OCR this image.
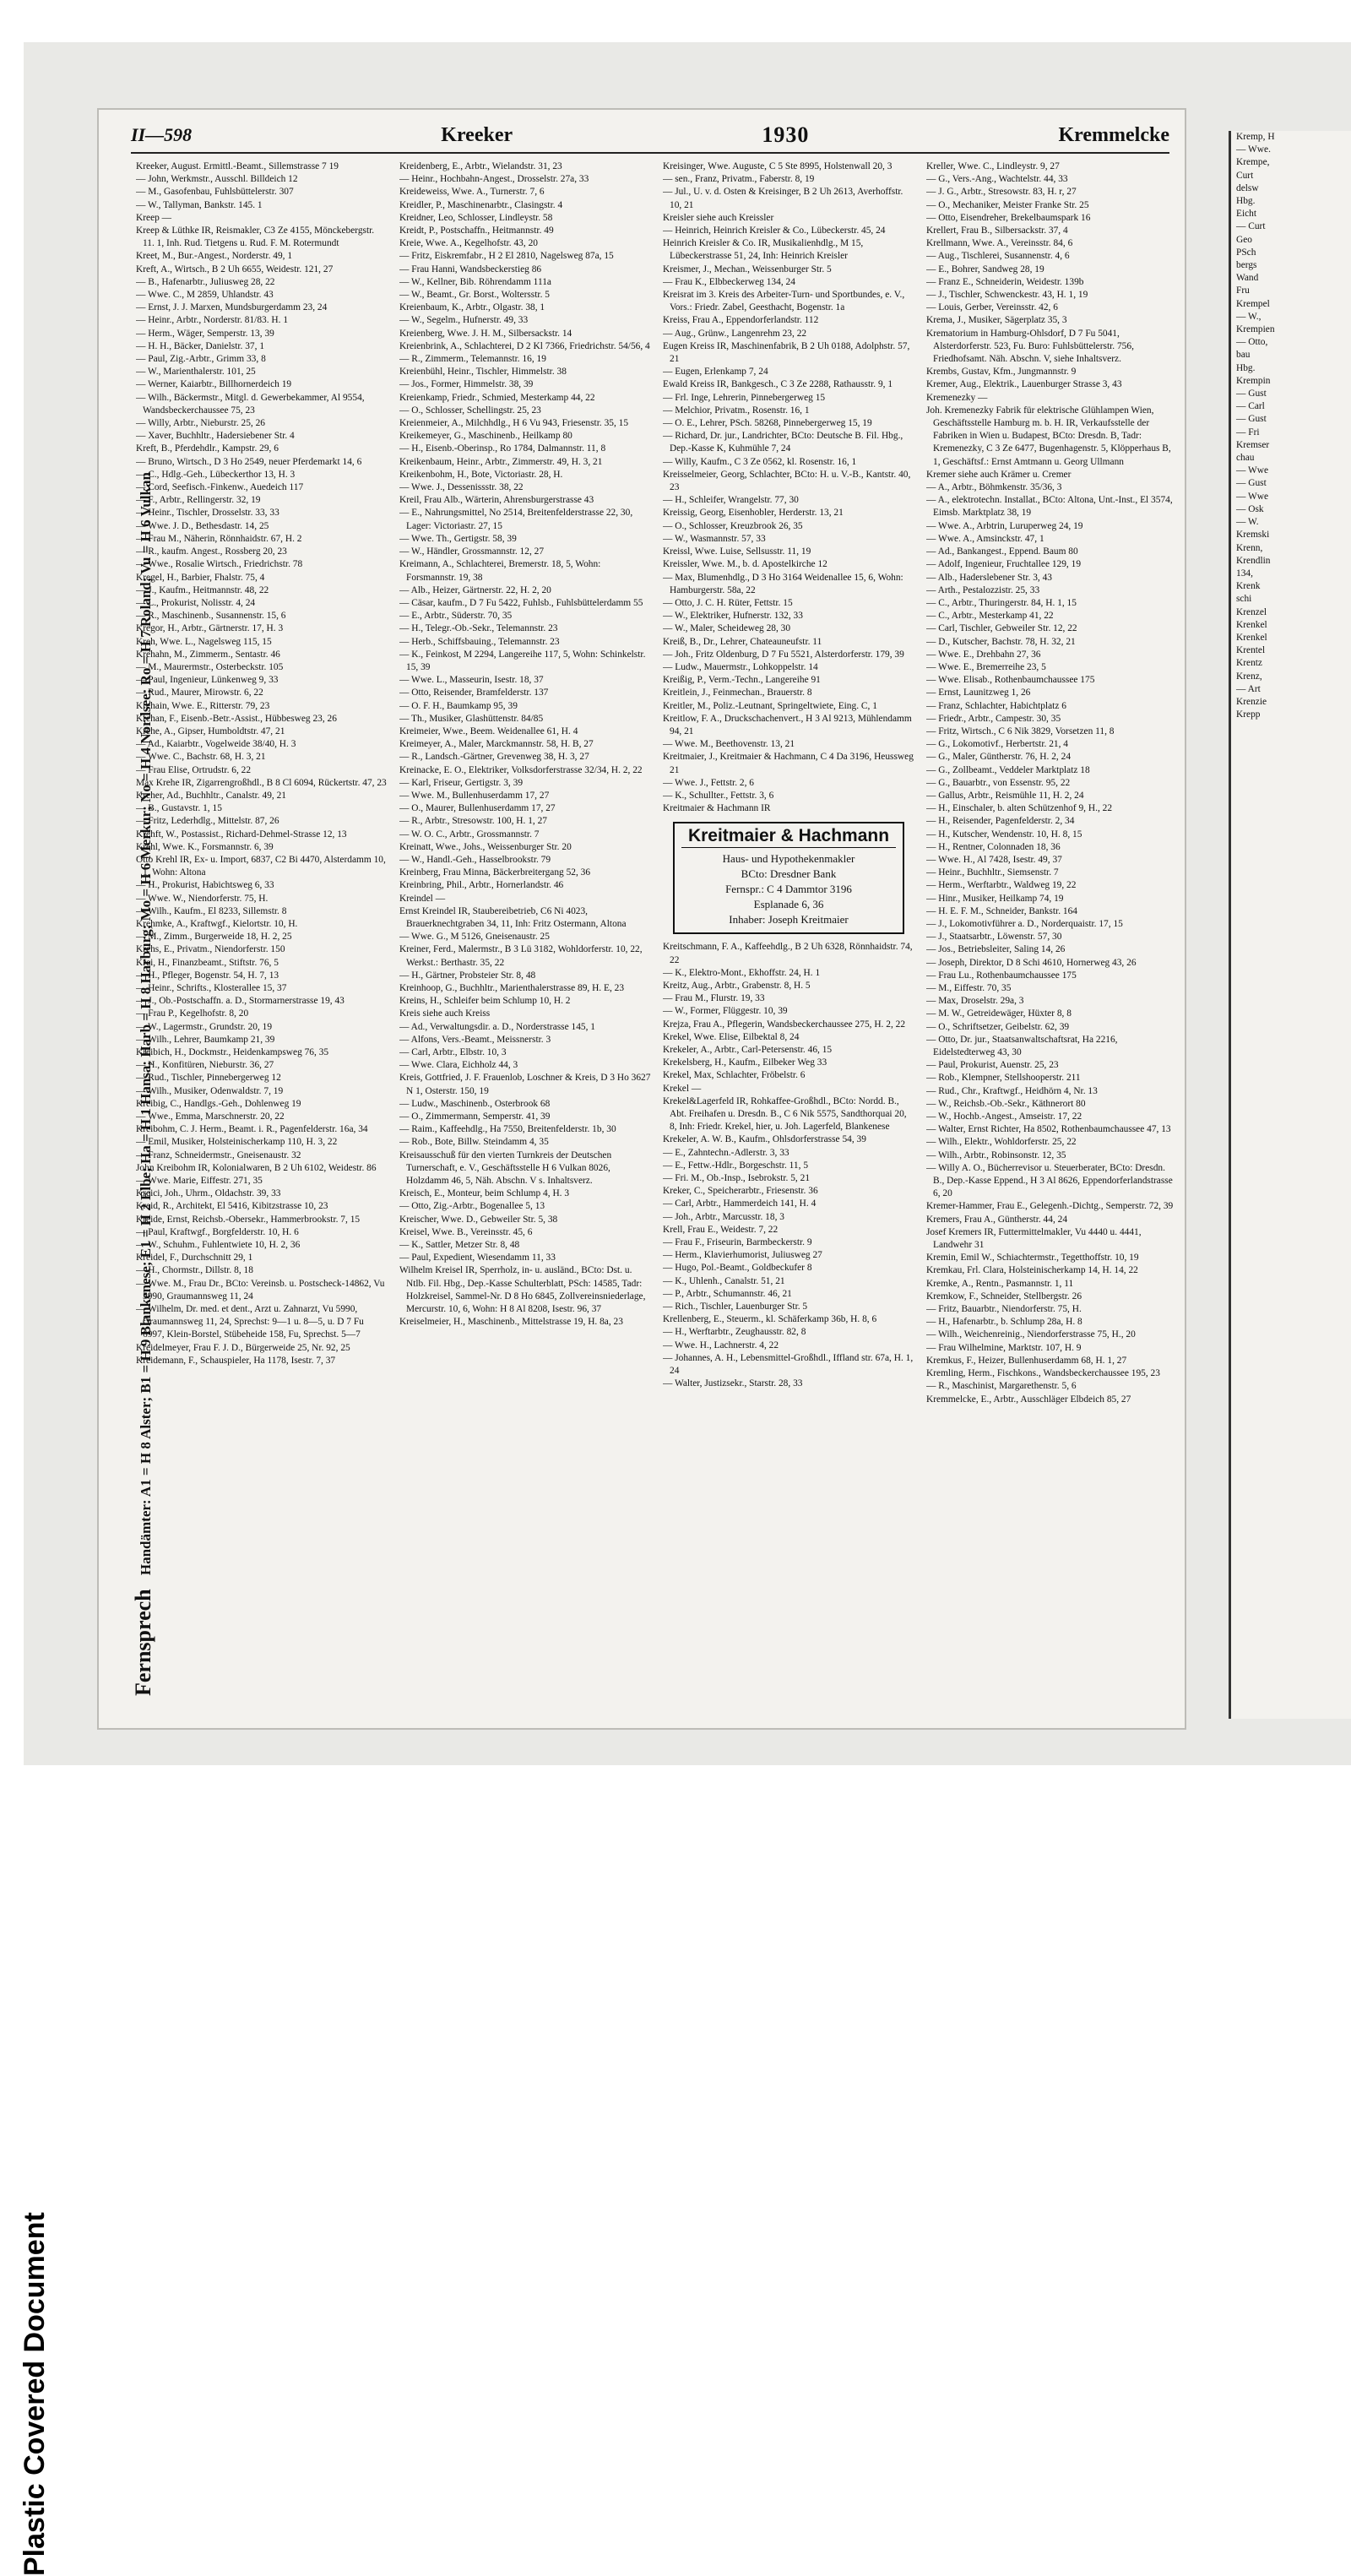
Plastic Covered Document
II—598	Kreeker	1930	Kremmelcke
Fernsprech Handämter: A1 = H 8 Alster; B1 = H 9 Blankenese; E1 = H 2 Elbe; Ha = H 1 Hansa; Harb = H 8 Harburg; Mo = H 6 Merkur; No = H 4 Nordsee; Ro = H 7 Roland; Vu = H 6 Vulkan

Kreeker, August. Ermittl.-Beamt., Sillemstrasse 7 19

— John, Werkmstr., Ausschl. Billdeich 12

— M., Gasofenbau, Fuhlsbüttelerstr. 307

— W., Tallyman, Bankstr. 145. 1

Kreep —

Kreep & Lüthke IR, Reismakler, C3 Ze 4155, Mönckebergstr. 11. 1, Inh. Rud. Tietgens u. Rud. F. M. Rotermundt

Kreet, M., Bur.-Angest., Norderstr. 49, 1

Kreft, A., Wirtsch., B 2 Uh 6655, Weidestr. 121, 27

— B., Hafenarbtr., Juliusweg 28, 22

— Wwe. C., M 2859, Uhlandstr. 43

— Ernst, J. J. Marxen, Mundsburgerdamm 23, 24

— Heinr., Arbtr., Norderstr. 81/83. H. 1

— Herm., Wäger, Semperstr. 13, 39

— H. H., Bäcker, Danielstr. 37, 1

— Paul, Zig.-Arbtr., Grimm 33, 8

— W., Marienthalerstr. 101, 25

— Werner, Kaiarbtr., Billhornerdeich 19

— Wilh., Bäckermstr., Mitgl. d. Gewerbekammer, Al 9554, Wandsbeckerchaussee 75, 23

— Willy, Arbtr., Nieburstr. 25, 26

— Xaver, Buchhltr., Hadersiebener Str. 4

Kreft, B., Pferdehdlr., Kampstr. 29, 6

— Bruno, Wirtsch., D 3 Ho 2549, neuer Pferdemarkt 14, 6

— C., Hdlg.-Geh., Lübeckerthor 13, H. 3

— Cord, Seefisch.-Finkenw., Auedeich 117

— F., Arbtr., Rellingerstr. 32, 19

— Heinr., Tischler, Drosselstr. 33, 33

— Wwe. J. D., Bethesdastr. 14, 25

— Frau M., Näherin, Rönnhaidstr. 67, H. 2

— R., kaufm. Angest., Rossberg 20, 23

— Wwe., Rosalie Wirtsch., Friedrichstr. 78

Kregel, H., Barbier, Fhalstr. 75, 4

— J., Kaufm., Heitmannstr. 48, 22

— L., Prokurist, Nolisstr. 4, 24

— R., Maschinenb., Susannenstr. 15, 6

Kregor, H., Arbtr., Gärtnerstr. 17, H. 3

Kreh, Wwe. L., Nagelsweg 115, 15

Krehahn, M., Zimmerm., Sentastr. 46

— M., Maurermstr., Osterbeckstr. 105

— Paul, Ingenieur, Lünkenweg 9, 33

— Rud., Maurer, Mirowstr. 6, 22

Krehain, Wwe. E., Ritterstr. 79, 23

Krehan, F., Eisenb.-Betr.-Assist., Hübbesweg 23, 26

Krehe, A., Gipser, Humboldtstr. 47, 21

— Ad., Kaiarbtr., Vogelweide 38/40, H. 3

— Wwe. C., Bachstr. 68, H. 3, 21

— Frau Elise, Ortrudstr. 6, 22

Max Krehe IR, Zigarrengroßhdl., B 8 Cl 6094, Rückertstr. 47, 23

Kreher, Ad., Buchhltr., Canalstr. 49, 21

— B., Gustavstr. 1, 15

— Fritz, Lederhdlg., Mittelstr. 87, 26

Krehft, W., Postassist., Richard-Dehmel-Strasse 12, 13

Krehl, Wwe. K., Forsmannstr. 6, 39

Otto Krehl IR, Ex- u. Import, 6837, C2 Bi 4470, Alsterdamm 10, 1, Wohn: Altona

— H., Prokurist, Habichtsweg 6, 33

— Wwe. W., Niendorferstr. 75, H.

— Wilh., Kaufm., El 8233, Sillemstr. 8

Krehmke, A., Kraftwgf., Kielortstr. 10, H.

— M., Zimm., Burgerweide 18, H. 2, 25

Krehs, E., Privatm., Niendorferstr. 150

Krei, H., Finanzbeamt., Stiftstr. 76, 5

— H., Pfleger, Bogenstr. 54, H. 7, 13

— Heinr., Schrifts., Klosterallee 15, 37

— J., Ob.-Postschaffn. a. D., Stormarnerstrasse 19, 43

— Frau P., Kegelhofstr. 8, 20

— W., Lagermstr., Grundstr. 20, 19

— Wilh., Lehrer, Baumkamp 21, 39

Kreibich, H., Dockmstr., Heidenkampsweg 76, 35

— H., Konfitüren, Nieburstr. 36, 27

— Rud., Tischler, Pinnebergerweg 12

— Wilh., Musiker, Odenwaldstr. 7, 19

Kreibig, C., Handlgs.-Geh., Dohlenweg 19

— Wwe., Emma, Marschnerstr. 20, 22

Kreibohm, C. J. Herm., Beamt. i. R., Pagenfelderstr. 16a, 34

— Emil, Musiker, Holsteinischerkamp 110, H. 3, 22

— Franz, Schneidermstr., Gneisenaustr. 32

John Kreibohm IR, Kolonialwaren, B 2 Uh 6102, Weidestr. 86

— Wwe. Marie, Eiffestr. 271, 35

Kreici, Joh., Uhrm., Oldachstr. 39, 33

Kreid, R., Architekt, El 5416, Kibitzstrasse 10, 23

Kreide, Ernst, Reichsb.-Obersekr., Hammerbrookstr. 7, 15

— Paul, Kraftwgf., Borgfelderstr. 10, H. 6

— W., Schuhm., Fuhlentwiete 10, H. 2, 36

Kreidel, F., Durchschnitt 29, 1

— H., Chormstr., Dillstr. 8, 18

— Wwe. M., Frau Dr., BCto: Vereinsb. u. Postscheck-14862, Vu 5990, Graumannsweg 11, 24

— Wilhelm, Dr. med. et dent., Arzt u. Zahnarzt, Vu 5990, Graumannsweg 11, 24, Sprechst: 9—1 u. 8—5, u. D 7 Fu 6997, Klein-Borstel, Stübeheide 158, Fu, Sprechst. 5—7

Kreidelmeyer, Frau F. J. D., Bürgerweide 25, Nr. 92, 25

Kreidemann, F., Schauspieler, Ha 1178, Isestr. 7, 37

Kreidenberg, E., Arbtr., Wielandstr. 31, 23

— Heinr., Hochbahn-Angest., Drosselstr. 27a, 33

Kreideweiss, Wwe. A., Turnerstr. 7, 6

Kreidler, P., Maschinenarbtr., Clasingstr. 4

Kreidner, Leo, Schlosser, Lindleystr. 58

Kreidt, P., Postschaffn., Heitmannstr. 49

Kreie, Wwe. A., Kegelhofstr. 43, 20

— Fritz, Eiskremfabr., H 2 El 2810, Nagelsweg 87a, 15

— Frau Hanni, Wandsbeckerstieg 86

— W., Kellner, Bib. Röhrendamm 111a

— W., Beamt., Gr. Borst., Woltersstr. 5

Kreienbaum, K., Arbtr., Olgastr. 38, 1

— W., Segelm., Hufnerstr. 49, 33

Kreienberg, Wwe. J. H. M., Silbersackstr. 14

Kreienbrink, A., Schlachterei, D 2 Kl 7366, Friedrichstr. 54/56, 4

— R., Zimmerm., Telemannstr. 16, 19

Kreienbühl, Heinr., Tischler, Himmelstr. 38

— Jos., Former, Himmelstr. 38, 39

Kreienkamp, Friedr., Schmied, Mesterkamp 44, 22

— O., Schlosser, Schellingstr. 25, 23

Kreienmeier, A., Milchhdlg., H 6 Vu 943, Friesenstr. 35, 15

Kreikemeyer, G., Maschinenb., Heilkamp 80

— H., Eisenb.-Oberinsp., Ro 1784, Dalmannstr. 11, 8

Kreikenbaum, Heinr., Arbtr., Zimmerstr. 49, H. 3, 21

Kreikenbohm, H., Bote, Victoriastr. 28, H.

— Wwe. J., Dessenissstr. 38, 22

Kreil, Frau Alb., Wärterin, Ahrensburgerstrasse 43

— E., Nahrungsmittel, No 2514, Breitenfelderstrasse 22, 30, Lager: Victoriastr. 27, 15

— Wwe. Th., Gertigstr. 58, 39

— W., Händler, Grossmannstr. 12, 27

Kreimann, A., Schlachterei, Bremerstr. 18, 5, Wohn: Forsmannstr. 19, 38

— Alb., Heizer, Gärtnerstr. 22, H. 2, 20

— Cäsar, kaufm., D 7 Fu 5422, Fuhlsb., Fuhlsbüttelerdamm 55

— E., Arbtr., Süderstr. 70, 35

— H., Telegr.-Ob.-Sekr., Telemannstr. 23

— Herb., Schiffsbauing., Telemannstr. 23

— K., Feinkost, M 2294, Langereihe 117, 5, Wohn: Schinkelstr. 15, 39

— Wwe. L., Masseurin, Isestr. 18, 37

— Otto, Reisender, Bramfelderstr. 137

— O. F. H., Baumkamp 95, 39

— Th., Musiker, Glashüttenstr. 84/85

Kreimeier, Wwe., Beem. Weidenallee 61, H. 4

Kreimeyer, A., Maler, Marckmannstr. 58, H. B, 27

— R., Landsch.-Gärtner, Grevenweg 38, H. 3, 27

Kreinacke, E. O., Elektriker, Volksdorferstrasse 32/34, H. 2, 22

— Karl, Friseur, Gertigstr. 3, 39

— Wwe. M., Bullenhuserdamm 17, 27

— O., Maurer, Bullenhuserdamm 17, 27

— R., Arbtr., Stresowstr. 100, H. 1, 27

— W. O. C., Arbtr., Grossmannstr. 7

Kreinatt, Wwe., Johs., Weissenburger Str. 20

— W., Handl.-Geh., Hasselbrookstr. 79

Kreinberg, Frau Minna, Bäckerbreitergang 52, 36

Kreinbring, Phil., Arbtr., Hornerlandstr. 46

Kreindel —

Ernst Kreindel IR, Staubereibetrieb, C6 Ni 4023, Brauerknechtgraben 34, 11, Inh: Fritz Ostermann, Altona

— Wwe. G., M 5126, Gneisenaustr. 25

Kreiner, Ferd., Malermstr., B 3 Lü 3182, Wohldorferstr. 10, 22, Werkst.: Berthastr. 35, 22

— H., Gärtner, Probsteier Str. 8, 48

Kreinhoop, G., Buchhltr., Marienthalerstrasse 89, H. E, 23

Kreins, H., Schleifer beim Schlump 10, H. 2

Kreis siehe auch Kreiss

— Ad., Verwaltungsdir. a. D., Norderstrasse 145, 1

— Alfons, Vers.-Beamt., Meissnerstr. 3

— Carl, Arbtr., Elbstr. 10, 3

— Wwe. Clara, Eichholz 44, 3

Kreis, Gottfried, J. F. Frauenlob, Loschner & Kreis, D 3 Ho 3627 N 1, Osterstr. 150, 19

— Ludw., Maschinenb., Osterbrook 68

— O., Zimmermann, Semperstr. 41, 39

— Raim., Kaffeehdlg., Ha 7550, Breitenfelderstr. 1b, 30

— Rob., Bote, Billw. Steindamm 4, 35

Kreisausschuß für den vierten Turnkreis der Deutschen Turnerschaft, e. V., Geschäftsstelle H 6 Vulkan 8026, Holzdamm 46, 5, Näh. Abschn. V s. Inhaltsverz.

Kreisch, E., Monteur, beim Schlump 4, H. 3

— Otto, Zig.-Arbtr., Bogenallee 5, 13

Kreischer, Wwe. D., Gebweiler Str. 5, 38

Kreisel, Wwe. B., Vereinsstr. 45, 6

— K., Sattler, Metzer Str. 8, 48

— Paul, Expedient, Wiesendamm 11, 33

Wilhelm Kreisel IR, Sperrholz, in- u. ausländ., BCto: Dst. u. Ntlb. Fil. Hbg., Dep.-Kasse Schulterblatt, PSch: 14585, Tadr: Holzkreisel, Sammel-Nr. D 8 Ho 6845, Zollvereinsniederlage, Mercurstr. 10, 6, Wohn: H 8 Al 8208, Isestr. 96, 37

Kreiselmeier, H., Maschinenb., Mittelstrasse 19, H. 8a, 23

Kreisinger, Wwe. Auguste, C 5 Ste 8995, Holstenwall 20, 3

— sen., Franz, Privatm., Faberstr. 8, 19

— Jul., U. v. d. Osten & Kreisinger, B 2 Uh 2613, Averhoffstr. 10, 21

Kreisler siehe auch Kreissler

— Heinrich, Heinrich Kreisler & Co., Lübeckerstr. 45, 24

Heinrich Kreisler & Co. IR, Musikalienhdlg., M 15, Lübeckerstrasse 51, 24, Inh: Heinrich Kreisler

Kreismer, J., Mechan., Weissenburger Str. 5

— Frau K., Elbbeckerweg 134, 24

Kreisrat im 3. Kreis des Arbeiter-Turn- und Sportbundes, e. V., Vors.: Friedr. Zabel, Geesthacht, Bogenstr. 1a

Kreiss, Frau A., Eppendorferlandstr. 112

— Aug., Grünw., Langenrehm 23, 22

Eugen Kreiss IR, Maschinenfabrik, B 2 Uh 0188, Adolphstr. 57, 21

— Eugen, Erlenkamp 7, 24

Ewald Kreiss IR, Bankgesch., C 3 Ze 2288, Rathausstr. 9, 1

— Frl. Inge, Lehrerin, Pinnebergerweg 15

— Melchior, Privatm., Rosenstr. 16, 1

— O. E., Lehrer, PSch. 58268, Pinnebergerweg 15, 19

— Richard, Dr. jur., Landrichter, BCto: Deutsche B. Fil. Hbg., Dep.-Kasse K, Kuhmühle 7, 24

— Willy, Kaufm., C 3 Ze 0562, kl. Rosenstr. 16, 1

Kreisselmeier, Georg, Schlachter, BCto: H. u. V.-B., Kantstr. 40, 23

— H., Schleifer, Wrangelstr. 77, 30

Kreissig, Georg, Eisenhobler, Herderstr. 13, 21

— O., Schlosser, Kreuzbrook 26, 35

— W., Wasmannstr. 57, 33

Kreissl, Wwe. Luise, Sellsusstr. 11, 19

Kreissler, Wwe. M., b. d. Apostelkirche 12

— Max, Blumenhdlg., D 3 Ho 3164 Weidenallee 15, 6, Wohn: Hamburgerstr. 58a, 22

— Otto, J. C. H. Rüter, Fettstr. 15

— W., Elektriker, Hufnerstr. 132, 33

— W., Maler, Scheideweg 28, 30

Kreiß, B., Dr., Lehrer, Chateauneufstr. 11

— Joh., Fritz Oldenburg, D 7 Fu 5521, Alsterdorferstr. 179, 39

— Ludw., Mauermstr., Lohkoppelstr. 14

Kreißig, P., Verm.-Techn., Langereihe 91

Kreitlein, J., Feinmechan., Brauerstr. 8

Kreitler, M., Poliz.-Leutnant, Springeltwiete, Eing. C, 1

Kreitlow, F. A., Druckschachenvert., H 3 Al 9213, Mühlendamm 94, 21

— Wwe. M., Beethovenstr. 13, 21

Kreitmaier, J., Kreitmaier & Hachmann, C 4 Da 3196, Heussweg 21

— Wwe. J., Fettstr. 2, 6

— K., Schullter., Fettstr. 3, 6

Kreitmaier & Hachmann IR

Kreitmaier & Hachmann
Haus- und Hypothekenmakler
BCto: Dresdner Bank
Fernspr.: C 4 Dammtor 3196
Esplanade 6, 36
Inhaber: Joseph Kreitmaier

Kreitschmann, F. A., Kaffeehdlg., B 2 Uh 6328, Rönnhaidstr. 74, 22

— K., Elektro-Mont., Ekhoffstr. 24, H. 1

Kreitz, Aug., Arbtr., Grabenstr. 8, H. 5

— Frau M., Flurstr. 19, 33

— W., Former, Flüggestr. 10, 39

Krejza, Frau A., Pflegerin, Wandsbeckerchaussee 275, H. 2, 22

Krekel, Wwe. Elise, Eilbektal 8, 24

Krekeler, A., Arbtr., Carl-Petersenstr. 46, 15

Krekelsberg, H., Kaufm., Eilbeker Weg 33

Krekel, Max, Schlachter, Fröbelstr. 6

Krekel —

Krekel&Lagerfeld IR, Rohkaffee-Großhdl., BCto: Nordd. B., Abt. Freihafen u. Dresdn. B., C 6 Nik 5575, Sandthorquai 20, 8, Inh: Friedr. Krekel, hier, u. Joh. Lagerfeld, Blankenese

Krekeler, A. W. B., Kaufm., Ohlsdorferstrasse 54, 39

— E., Zahntechn.-Adlerstr. 3, 33

— E., Fettw.-Hdlr., Borgeschstr. 11, 5

— Fri. M., Ob.-Insp., Isebrokstr. 5, 21

Kreker, C., Speicherarbtr., Friesenstr. 36

— Carl, Arbtr., Hammerdeich 141, H. 4

— Joh., Arbtr., Marcusstr. 18, 3

Krell, Frau E., Weidestr. 7, 22

— Frau F., Friseurin, Barmbeckerstr. 9

— Herm., Klavierhumorist, Juliusweg 27

— Hugo, Pol.-Beamt., Goldbeckufer 8

— K., Uhlenh., Canalstr. 51, 21

— P., Arbtr., Schumannstr. 46, 21

— Rich., Tischler, Lauenburger Str. 5

Krellenberg, E., Steuerm., kl. Schäferkamp 36b, H. 8, 6

— H., Werftarbtr., Zeughausstr. 82, 8

— Wwe. H., Lachnerstr. 4, 22

— Johannes, A. H., Lebensmittel-Großhdl., Iffland str. 67a, H. 1, 24

— Walter, Justizsekr., Starstr. 28, 33

Kreller, Wwe. C., Lindleystr. 9, 27

— G., Vers.-Ang., Wachtelstr. 44, 33

— J. G., Arbtr., Stresowstr. 83, H. r, 27

— O., Mechaniker, Meister Franke Str. 25

— Otto, Eisendreher, Brekelbaumspark 16

Krellert, Frau B., Silbersackstr. 37, 4

Krellmann, Wwe. A., Vereinsstr. 84, 6

— Aug., Tischlerei, Susannenstr. 4, 6

— E., Bohrer, Sandweg 28, 19

— Franz E., Schneiderin, Weidestr. 139b

— J., Tischler, Schwenckestr. 43, H. 1, 19

— Louis, Gerber, Vereinsstr. 42, 6

Krema, J., Musiker, Sägerplatz 35, 3

Krematorium in Hamburg-Ohlsdorf, D 7 Fu 5041, Alsterdorferstr. 523, Fu. Buro: Fuhlsbüttelerstr. 756, Friedhofsamt. Näh. Abschn. V, siehe Inhaltsverz.

Krembs, Gustav, Kfm., Jungmannstr. 9

Kremer, Aug., Elektrik., Lauenburger Strasse 3, 43

Kremenezky —

Joh. Kremenezky Fabrik für elektrische Glühlampen Wien, Geschäftsstelle Hamburg m. b. H. IR, Verkaufsstelle der Fabriken in Wien u. Budapest, BCto: Dresdn. B, Tadr: Kremenezky, C 3 Ze 6477, Bugenhagenstr. 5, Klöpperhaus B, 1, Geschäftsf.: Ernst Amtmann u. Georg Ullmann

Kremer siehe auch Krämer u. Cremer

— A., Arbtr., Böhmkenstr. 35/36, 3

— A., elektrotechn. Installat., BCto: Altona, Unt.-Inst., El 3574, Eimsb. Marktplatz 38, 19

— Wwe. A., Arbtrin, Luruperweg 24, 19

— Wwe. A., Amsinckstr. 47, 1

— Ad., Bankangest., Eppend. Baum 80

— Adolf, Ingenieur, Fruchtallee 129, 19

— Alb., Haderslebener Str. 3, 43

— Arth., Pestalozzistr. 25, 33

— C., Arbtr., Thuringerstr. 84, H. 1, 15

— C., Arbtr., Mesterkamp 41, 22

— Carl, Tischler, Gebweiler Str. 12, 22

— D., Kutscher, Bachstr. 78, H. 32, 21

— Wwe. E., Drehbahn 27, 36

— Wwe. E., Bremerreihe 23, 5

— Wwe. Elisab., Rothenbaumchaussee 175

— Ernst, Launitzweg 1, 26

— Franz, Schlachter, Habichtplatz 6

— Friedr., Arbtr., Campestr. 30, 35

— Fritz, Wirtsch., C 6 Nik 3829, Vorsetzen 11, 8

— G., Lokomotivf., Herbertstr. 21, 4

— G., Maler, Güntherstr. 76, H. 2, 24

— G., Zollbeamt., Veddeler Marktplatz 18

— G., Bauarbtr., von Essenstr. 95, 22

— Gallus, Arbtr., Reismühle 11, H. 2, 24

— H., Einschaler, b. alten Schützenhof 9, H., 22

— H., Reisender, Pagenfelderstr. 2, 34

— H., Kutscher, Wendenstr. 10, H. 8, 15

— H., Rentner, Colonnaden 18, 36

— Wwe. H., Al 7428, Isestr. 49, 37

— Heinr., Buchhltr., Siemsenstr. 7

— Herm., Werftarbtr., Waldweg 19, 22

— Hinr., Musiker, Heilkamp 74, 19

— H. E. F. M., Schneider, Bankstr. 164

— J., Lokomotivführer a. D., Norderquaistr. 17, 15

— J., Staatsarbtr., Löwenstr. 57, 30

— Jos., Betriebsleiter, Saling 14, 26

— Joseph, Direktor, D 8 Schi 4610, Hornerweg 43, 26

— Frau Lu., Rothenbaumchaussee 175

— M., Eiffestr. 70, 35

— Max, Droselstr. 29a, 3

— M. W., Getreidewäger, Hüxter 8, 8

— O., Schriftsetzer, Geibelstr. 62, 39

— Otto, Dr. jur., Staatsanwaltschaftsrat, Ha 2216, Eidelstedterweg 43, 30

— Paul, Prokurist, Auenstr. 25, 23

— Rob., Klempner, Stellshooperstr. 211

— Rud., Chr., Kraftwgf., Heidhörn 4, Nr. 13

— W., Reichsb.-Ob.-Sekr., Käthnerort 80

— W., Hochb.-Angest., Amseistr. 17, 22

— Walter, Ernst Richter, Ha 8502, Rothenbaumchaussee 47, 13

— Wilh., Elektr., Wohldorferstr. 25, 22

— Wilh., Arbtr., Robinsonstr. 12, 35

— Willy A. O., Bücherrevisor u. Steuerberater, BCto: Dresdn. B., Dep.-Kasse Eppend., H 3 Al 8626, Eppendorferlandstrasse 6, 20

Kremer-Hammer, Frau E., Gelegenh.-Dichtg., Semperstr. 72, 39

Kremers, Frau A., Güntherstr. 44, 24

Josef Kremers IR, Futtermittelmakler, Vu 4440 u. 4441, Landwehr 31

Kremin, Emil W., Schiachtermstr., Tegetthoffstr. 10, 19

Kremkau, Frl. Clara, Holsteinischerkamp 14, H. 14, 22

Kremke, A., Rentn., Pasmannstr. 1, 11

Kremkow, F., Schneider, Stellbergstr. 26

— Fritz, Bauarbtr., Niendorferstr. 75, H.

— H., Hafenarbtr., b. Schlump 28a, H. 8

— Wilh., Weichenreinig., Niendorferstrasse 75, H., 20

— Frau Wilhelmine, Marktstr. 107, H. 9

Kremkus, F., Heizer, Bullenhuserdamm 68, H. 1, 27

Kremling, Herm., Fischkons., Wandsbeckerchaussee 195, 23

— R., Maschinist, Margarethenstr. 5, 6

Kremmelcke, E., Arbtr., Ausschläger Elbdeich 85, 27

Kremp, H
— Wwe.
Krempe,
Curt
delsw
Hbg.
Eicht
— Curt
Geo
PSch
bergs
Wand
Fru
Krempel
— W.,
Krempien
— Otto,
bau
Hbg.
Krempin
— Gust
— Carl
— Gust
— Fri
Kremser
chau
— Wwe
— Gust
— Wwe
— Osk
— W.
Kremski
Krenn,
Krendlin
134,
Krenk
schi
Krenzel
Krenkel
Krenkel
Krentel
Krentz
Krenz,
— Art
Krenzie
Krepp
